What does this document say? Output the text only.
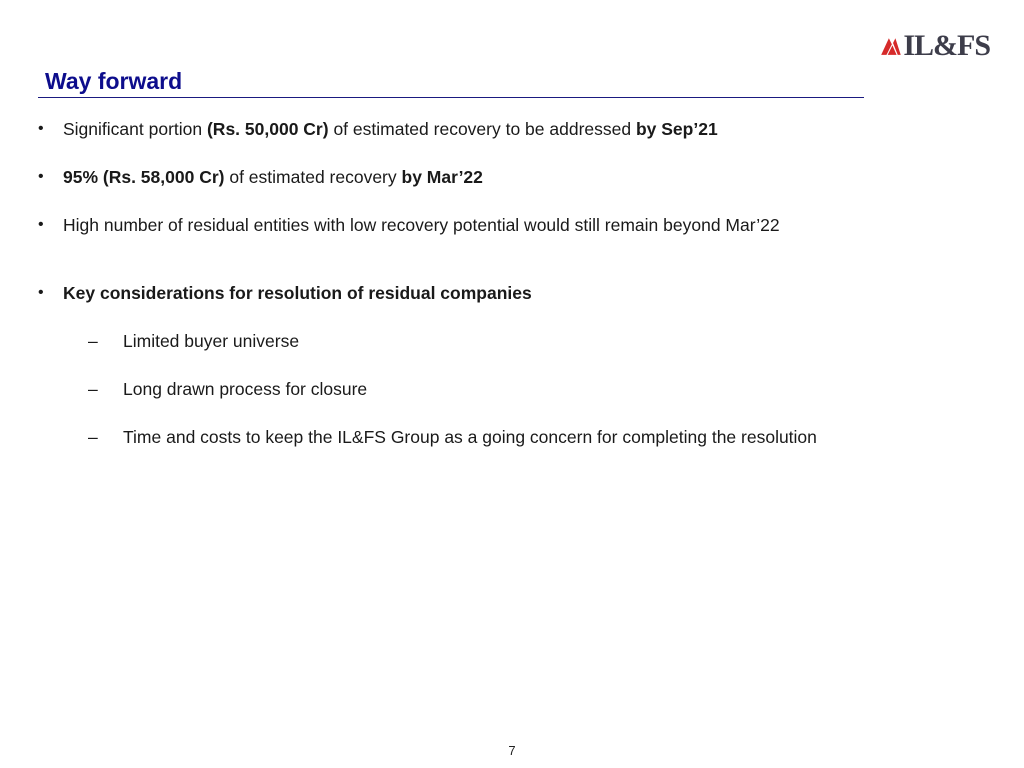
IL&FS
Way forward
•	Significant portion (Rs. 50,000 Cr) of estimated recovery to be addressed by Sep’21
•	95% (Rs. 58,000 Cr) of estimated recovery by Mar’22
•	High number of residual entities with low recovery potential would still remain beyond Mar’22
•	Key considerations for resolution of residual companies
–	Limited buyer universe
–	Long drawn process for closure
–	Time and costs to keep the IL&FS Group as a going concern for completing the resolution
7
